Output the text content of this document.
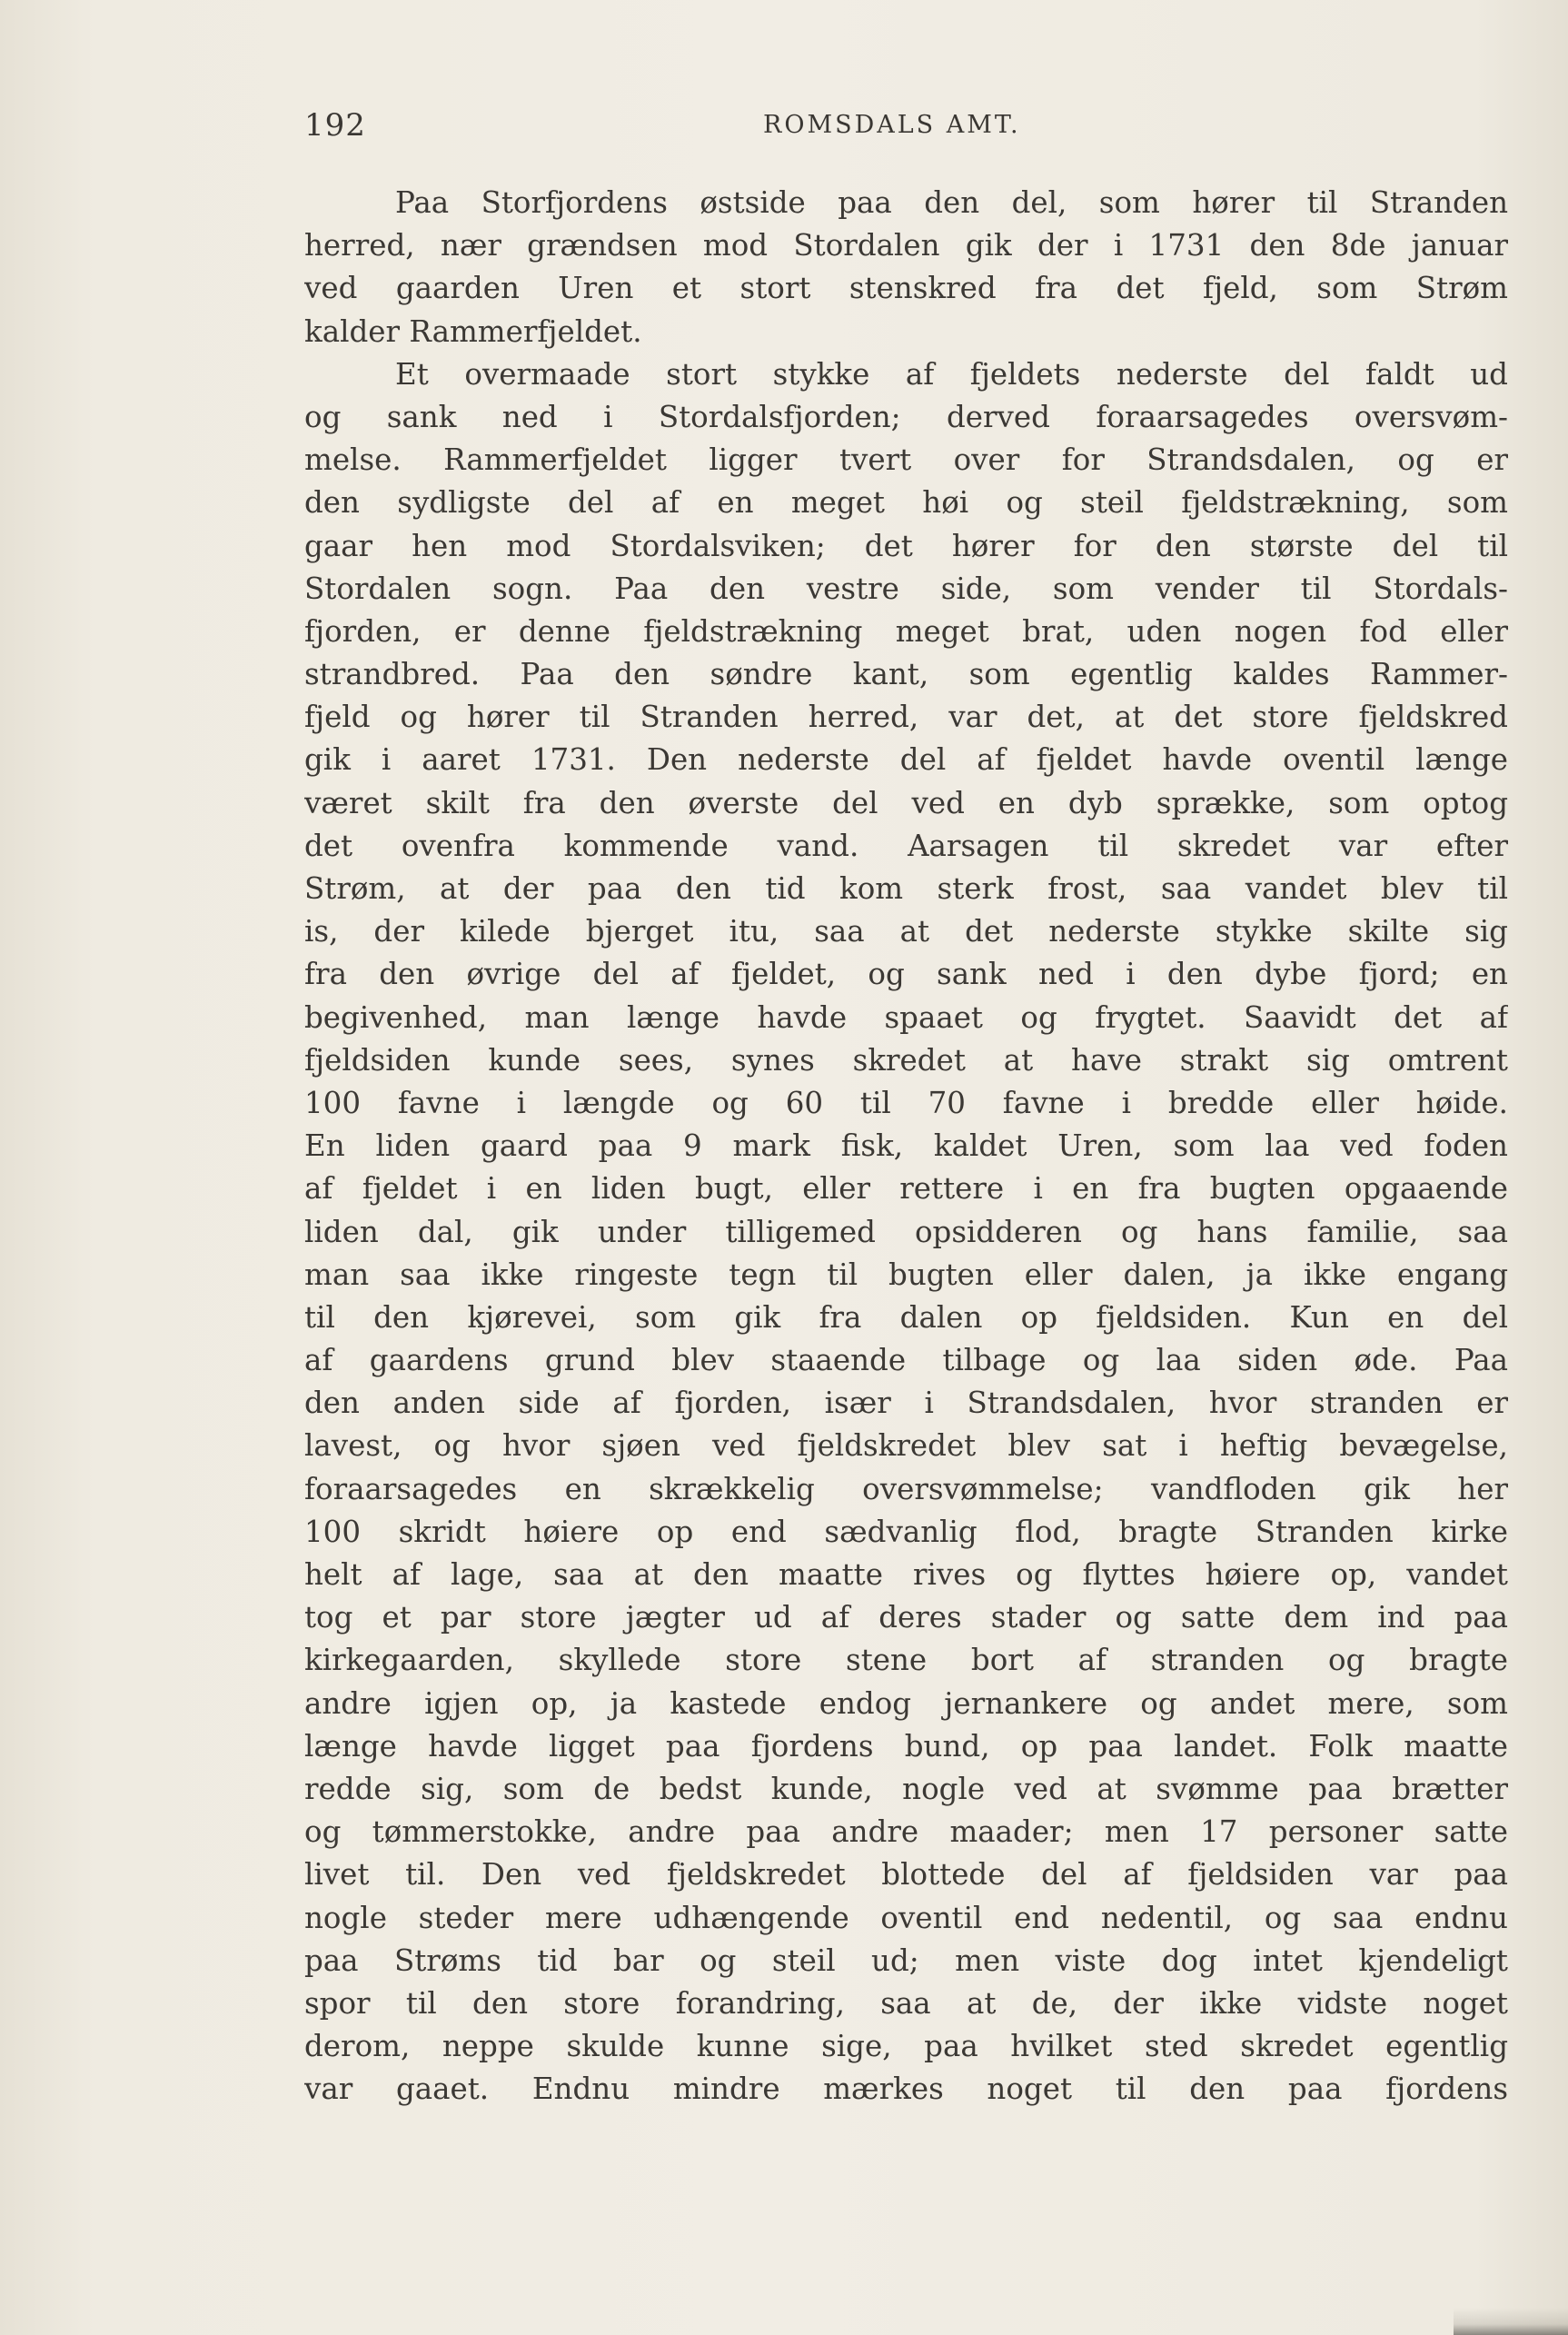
192	ROMSDALS AMT.
Paa Storfjordens østside paa den del, som hører til Stranden
herred, nær grændsen mod Stordalen gik der i 1731 den 8de januar
ved gaarden Uren et stort stenskred fra det fjeld, som Strøm
kalder Rammerfjeldet.
Et overmaade stort stykke af fjeldets nederste del faldt ud
og sank ned i Stordalsfjorden; derved foraarsagedes oversvøm-
melse. Rammerfjeldet ligger tvert over for Strandsdalen, og er
den sydligste del af en meget høi og steil fjeldstrækning, som
gaar hen mod Stordalsviken; det hører for den største del til
Stordalen sogn. Paa den vestre side, som vender til Stordals-
fjorden, er denne fjeldstrækning meget brat, uden nogen fod eller
strandbred. Paa den søndre kant, som egentlig kaldes Rammer-
fjeld og hører til Stranden herred, var det, at det store fjeldskred
gik i aaret 1731. Den nederste del af fjeldet havde oventil længe
været skilt fra den øverste del ved en dyb sprække, som optog
det ovenfra kommende vand. Aarsagen til skredet var efter
Strøm, at der paa den tid kom sterk frost, saa vandet blev til
is, der kilede bjerget itu, saa at det nederste stykke skilte sig
fra den øvrige del af fjeldet, og sank ned i den dybe fjord; en
begivenhed, man længe havde spaaet og frygtet. Saavidt det af
fjeldsiden kunde sees, synes skredet at have strakt sig omtrent
100 favne i længde og 60 til 70 favne i bredde eller høide.
En liden gaard paa 9 mark fisk, kaldet Uren, som laa ved foden
af fjeldet i en liden bugt, eller rettere i en fra bugten opgaaende
liden dal, gik under tilligemed opsidderen og hans familie, saa
man saa ikke ringeste tegn til bugten eller dalen, ja ikke engang
til den kjørevei, som gik fra dalen op fjeldsiden. Kun en del
af gaardens grund blev staaende tilbage og laa siden øde. Paa
den anden side af fjorden, især i Strandsdalen, hvor stranden er
lavest, og hvor sjøen ved fjeldskredet blev sat i heftig bevægelse,
foraarsagedes en skrækkelig oversvømmelse; vandfloden gik her
100 skridt høiere op end sædvanlig flod, bragte Stranden kirke
helt af lage, saa at den maatte rives og flyttes høiere op, vandet
tog et par store jægter ud af deres stader og satte dem ind paa
kirkegaarden, skyllede store stene bort af stranden og bragte
andre igjen op, ja kastede endog jernankere og andet mere, som
længe havde ligget paa fjordens bund, op paa landet. Folk maatte
redde sig, som de bedst kunde, nogle ved at svømme paa brætter
og tømmerstokke, andre paa andre maader; men 17 personer satte
livet til. Den ved fjeldskredet blottede del af fjeldsiden var paa
nogle steder mere udhængende oventil end nedentil, og saa endnu
paa Strøms tid bar og steil ud; men viste dog intet kjendeligt
spor til den store forandring, saa at de, der ikke vidste noget
derom, neppe skulde kunne sige, paa hvilket sted skredet egentlig
var gaaet. Endnu mindre mærkes noget til den paa fjordens
